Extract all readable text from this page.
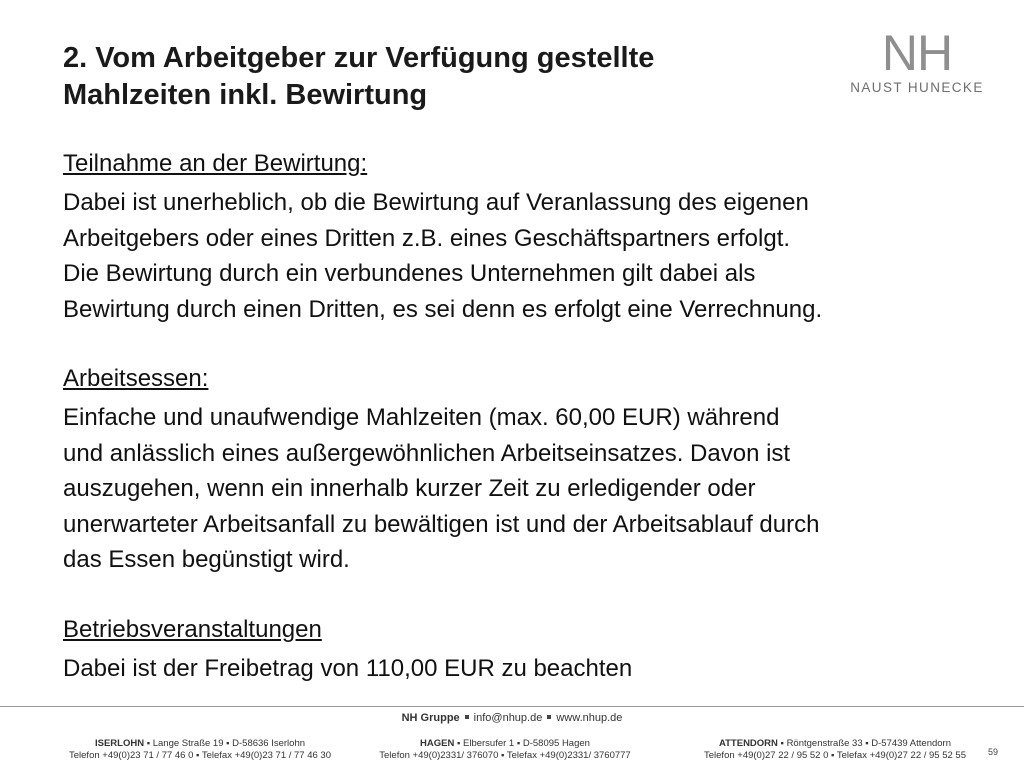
2. Vom Arbeitgeber zur Verfügung gestellte
Mahlzeiten inkl. Bewirtung
NH
NAUST HUNECKE
Teilnahme an der Bewirtung:
Dabei ist unerheblich, ob die Bewirtung auf Veranlassung des eigenen
Arbeitgebers oder eines Dritten z.B. eines Geschäftspartners erfolgt.
Die Bewirtung durch ein verbundenes Unternehmen gilt dabei als
Bewirtung durch einen Dritten, es sei denn es erfolgt eine Verrechnung.
Arbeitsessen:
Einfache und unaufwendige Mahlzeiten (max. 60,00 EUR) während
und anlässlich eines außergewöhnlichen Arbeitseinsatzes. Davon ist
auszugehen, wenn ein innerhalb kurzer Zeit zu erledigender oder
unerwarteter Arbeitsanfall zu bewältigen ist und der Arbeitsablauf durch
das Essen begünstigt wird.
Betriebsveranstaltungen
Dabei ist der Freibetrag von 110,00 EUR zu beachten
NH Gruppe info@nhup.de www.nhup.de
ISERLOHN ▪ Lange Straße 19 ▪ D-58636 Iserlohn
Telefon +49(0)23 71 / 77 46 0 ▪ Telefax +49(0)23 71 / 77 46 30
HAGEN ▪ Elbersufer 1 ▪ D-58095 Hagen
Telefon +49(0)2331/ 376070 ▪ Telefax +49(0)2331/ 3760777
ATTENDORN ▪ Röntgenstraße 33 ▪ D-57439 Attendorn
Telefon +49(0)27 22 / 95 52 0 ▪ Telefax +49(0)27 22 / 95 52 55	59
